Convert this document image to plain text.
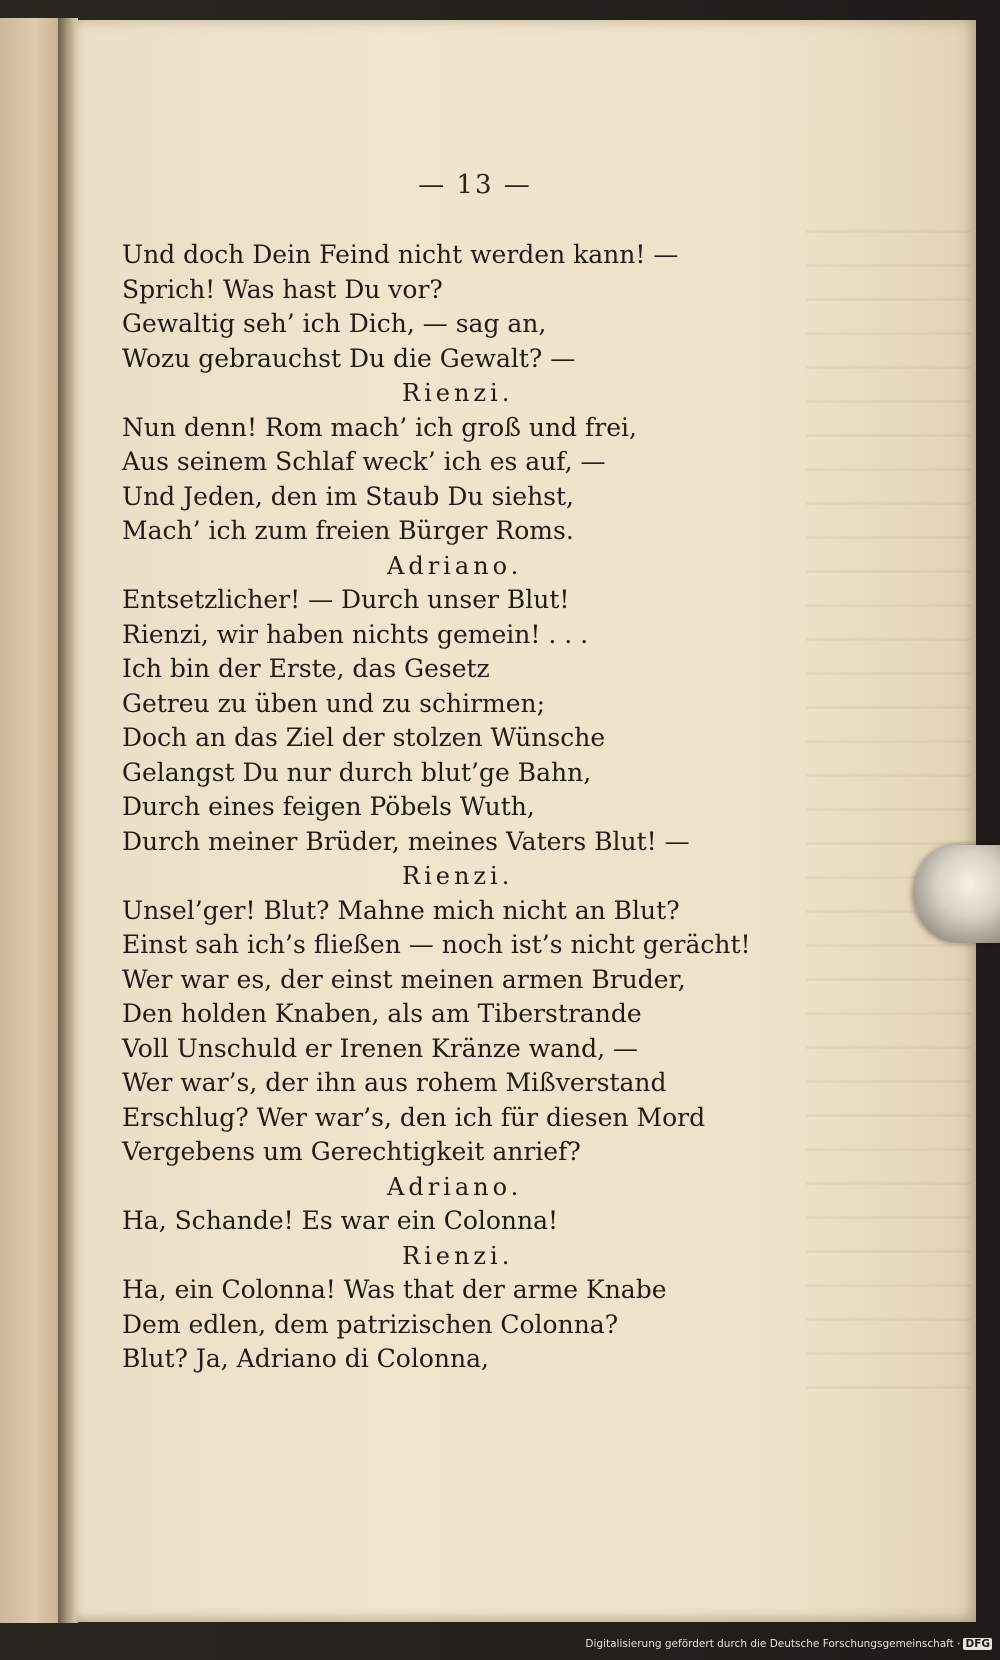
— 13 —
Und doch Dein Feind nicht werden kann! —
Sprich! Was hast Du vor?
Gewaltig seh’ ich Dich, — sag an,
Wozu gebrauchst Du die Gewalt? —
Rienzi.
Nun denn! Rom mach’ ich groß und frei,
Aus seinem Schlaf weck’ ich es auf, —
Und Jeden, den im Staub Du siehst,
Mach’ ich zum freien Bürger Roms.
Adriano.
Entsetzlicher! — Durch unser Blut!
Rienzi, wir haben nichts gemein! . . .
Ich bin der Erste, das Gesetz
Getreu zu üben und zu schirmen;
Doch an das Ziel der stolzen Wünsche
Gelangst Du nur durch blut’ge Bahn,
Durch eines feigen Pöbels Wuth,
Durch meiner Brüder, meines Vaters Blut! —
Rienzi.
Unsel’ger! Blut? Mahne mich nicht an Blut?
Einst sah ich’s fließen — noch ist’s nicht gerächt!
Wer war es, der einst meinen armen Bruder,
Den holden Knaben, als am Tiberstrande
Voll Unschuld er Irenen Kränze wand, —
Wer war’s, der ihn aus rohem Mißverstand
Erschlug? Wer war’s, den ich für diesen Mord
Vergebens um Gerechtigkeit anrief?
Adriano.
Ha, Schande! Es war ein Colonna!
Rienzi.
Ha, ein Colonna! Was that der arme Knabe
Dem edlen, dem patrizischen Colonna?
Blut? Ja, Adriano di Colonna,
Digitalisierung gefördert durch die Deutsche Forschungsgemeinschaft · DFG
